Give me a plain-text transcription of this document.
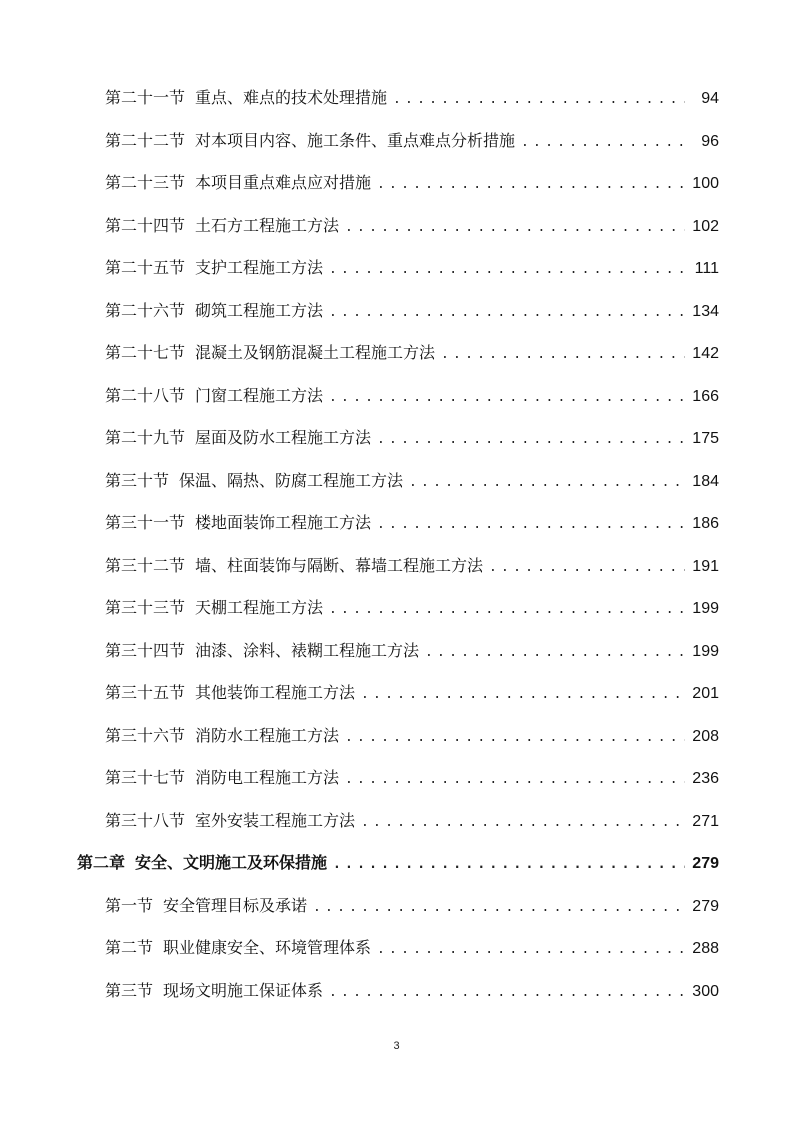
第二十一节 重点、难点的技术处理措施 .....	94
第二十二节 对本项目内容、施工条件、重点难点分析措施 .....	96
第二十三节 本项目重点难点应对措施 .....	100
第二十四节 土石方工程施工方法 .....	102
第二十五节 支护工程施工方法 .....	111
第二十六节 砌筑工程施工方法 .....	134
第二十七节 混凝土及钢筋混凝土工程施工方法 .....	142
第二十八节 门窗工程施工方法 .....	166
第二十九节 屋面及防水工程施工方法 .....	175
第三十节 保温、隔热、防腐工程施工方法 .....	184
第三十一节 楼地面装饰工程施工方法 .....	186
第三十二节 墙、柱面装饰与隔断、幕墙工程施工方法 .....	191
第三十三节 天棚工程施工方法 .....	199
第三十四节 油漆、涂料、裱糊工程施工方法 .....	199
第三十五节 其他装饰工程施工方法 .....	201
第三十六节 消防水工程施工方法 .....	208
第三十七节 消防电工程施工方法 .....	236
第三十八节 室外安装工程施工方法 .....	271
第二章 安全、文明施工及环保措施 .....	279
第一节 安全管理目标及承诺 .....	279
第二节 职业健康安全、环境管理体系 .....	288
第三节 现场文明施工保证体系 .....	300
3
